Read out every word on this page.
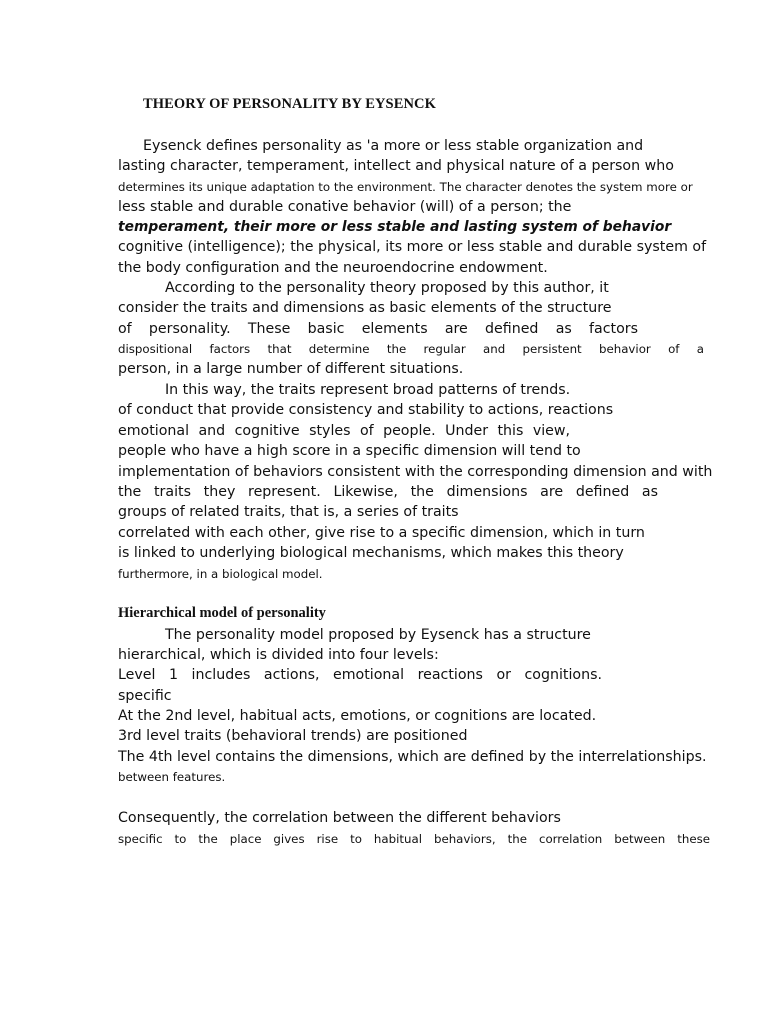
THEORY OF PERSONALITY BY EYSENCK
Eysenck defines personality as 'a more or less stable organization and
lasting character, temperament, intellect and physical nature of a person who
determines its unique adaptation to the environment. The character denotes the system more or
less stable and durable conative behavior (will) of a person; the
temperament, their more or less stable and lasting system of behavior
cognitive (intelligence); the physical, its more or less stable and durable system of
the body configuration and the neuroendocrine endowment.
According to the personality theory proposed by this author, it
consider the traits and dimensions as basic elements of the structure
of personality. These basic elements are defined as factors
dispositional factors that determine the regular and persistent behavior of a
person, in a large number of different situations.
In this way, the traits represent broad patterns of trends.
of conduct that provide consistency and stability to actions, reactions
emotional and cognitive styles of people. Under this view,
people who have a high score in a specific dimension will tend to
implementation of behaviors consistent with the corresponding dimension and with
the traits they represent. Likewise, the dimensions are defined as
groups of related traits, that is, a series of traits
correlated with each other, give rise to a specific dimension, which in turn
is linked to underlying biological mechanisms, which makes this theory
furthermore, in a biological model.
Hierarchical model of personality
The personality model proposed by Eysenck has a structure
hierarchical, which is divided into four levels:
Level 1 includes actions, emotional reactions or cognitions.
specific
At the 2nd level, habitual acts, emotions, or cognitions are located.
3rd level traits (behavioral trends) are positioned
The 4th level contains the dimensions, which are defined by the interrelationships.
between features.
Consequently, the correlation between the different behaviors
specific to the place gives rise to habitual behaviors, the correlation between these
